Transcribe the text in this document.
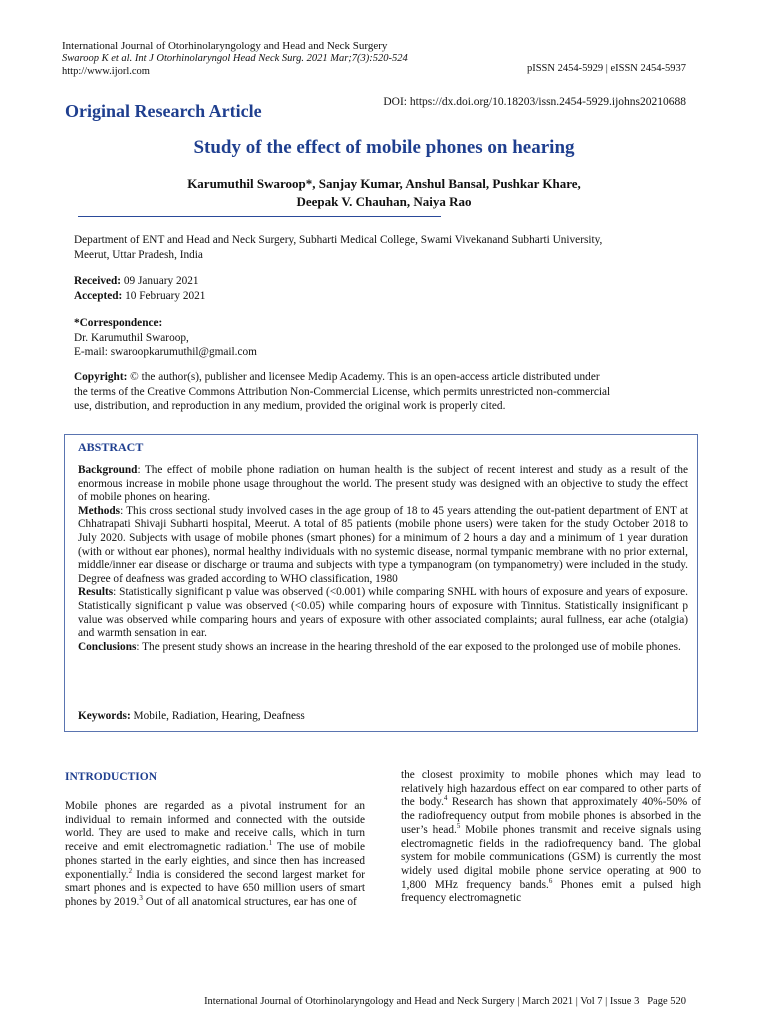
International Journal of Otorhinolaryngology and Head and Neck Surgery
Swaroop K et al. Int J Otorhinolaryngol Head Neck Surg. 2021 Mar;7(3):520-524
http://www.ijorl.com	pISSN 2454-5929 | eISSN 2454-5937
DOI: https://dx.doi.org/10.18203/issn.2454-5929.ijohns20210688
Original Research Article
Study of the effect of mobile phones on hearing
Karumuthil Swaroop*, Sanjay Kumar, Anshul Bansal, Pushkar Khare,
Deepak V. Chauhan, Naiya Rao
Department of ENT and Head and Neck Surgery, Subharti Medical College, Swami Vivekanand Subharti University,
Meerut, Uttar Pradesh, India
Received: 09 January 2021
Accepted: 10 February 2021
*Correspondence:
Dr. Karumuthil Swaroop,
E-mail: swaroopkarumuthil@gmail.com
Copyright: © the author(s), publisher and licensee Medip Academy. This is an open-access article distributed under
the terms of the Creative Commons Attribution Non-Commercial License, which permits unrestricted non-commercial
use, distribution, and reproduction in any medium, provided the original work is properly cited.
ABSTRACT

Background: The effect of mobile phone radiation on human health is the subject of recent interest and study as a result of the enormous increase in mobile phone usage throughout the world. The present study was designed with an objective to study the effect of mobile phones on hearing.

Methods: This cross sectional study involved cases in the age group of 18 to 45 years attending the out-patient department of ENT at Chhatrapati Shivaji Subharti hospital, Meerut. A total of 85 patients (mobile phone users) were taken for the study October 2018 to July 2020. Subjects with usage of mobile phones (smart phones) for a minimum of 2 hours a day and a minimum of 1 year duration (with or without ear phones), normal healthy individuals with no systemic disease, normal tympanic membrane with no prior external, middle/inner ear disease or discharge or trauma and subjects with type a tympanogram (on tympanometry) were included in the study. Degree of deafness was graded according to WHO classification, 1980

Results: Statistically significant p value was observed (<0.001) while comparing SNHL with hours of exposure and years of exposure. Statistically significant p value was observed (<0.05) while comparing hours of exposure with Tinnitus. Statistically insignificant p value was observed while comparing hours and years of exposure with other associated complaints; aural fullness, ear ache (otalgia) and warmth sensation in ear.

Conclusions: The present study shows an increase in the hearing threshold of the ear exposed to the prolonged use of mobile phones.

Keywords: Mobile, Radiation, Hearing, Deafness
INTRODUCTION

Mobile phones are regarded as a pivotal instrument for an individual to remain informed and connected with the outside world. They are used to make and receive calls, which in turn receive and emit electromagnetic radiation.$^1$ The use of mobile phones started in the early eighties, and since then has increased exponentially.$^2$ India is considered the second largest market for smart phones and is expected to have 650 million users of smart phones by 2019.$^3$ Out of all anatomical structures, ear has one of

the closest proximity to mobile phones which may lead to relatively high hazardous effect on ear compared to other parts of the body.$^4$ Research has shown that approximately 40%-50% of the radiofrequency output from mobile phones is absorbed in the user’s head.$^5$ Mobile phones transmit and receive signals using electromagnetic fields in the radiofrequency band. The global system for mobile communications (GSM) is currently the most widely used digital mobile phone service operating at 900 to 1,800 MHz frequency bands.$^6$ Phones emit a pulsed high frequency electromagnetic

International Journal of Otorhinolaryngology and Head and Neck Surgery | March 2021 | Vol 7 | Issue 3 Page 520
